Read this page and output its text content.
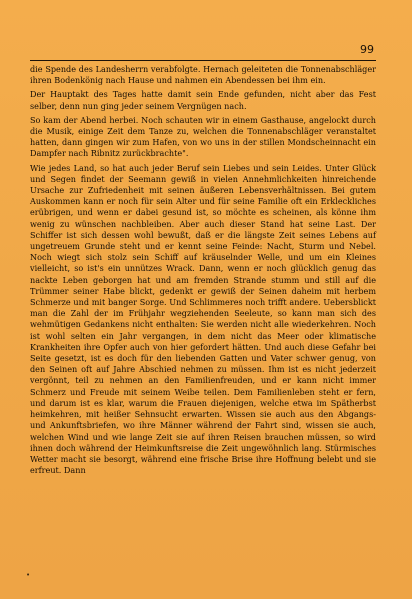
99

die Spende des Landesherrn verabfolgte. Hernach geleiteten die Tonnenabschläger ihren Bodenkönig nach Hause und nahmen ein Abendessen bei ihm ein.

Der Hauptakt des Tages hatte damit sein Ende gefunden, nicht aber das Fest selber, denn nun ging jeder seinem Vergnügen nach.

So kam der Abend herbei. Noch schauten wir in einem Gasthause, angelockt durch die Musik, einige Zeit dem Tanze zu, welchen die Tonnenabschläger veranstaltet hatten, dann gingen wir zum Hafen, von wo uns in der stillen Mondscheinnacht ein Dampfer nach Ribnitz zurückbrachte".

Wie jedes Land, so hat auch jeder Beruf sein Liebes und sein Leides. Unter Glück und Segen findet der Seemann gewiß in vielen Annehmlichkeiten hinreichende Ursache zur Zufriedenheit mit seinen äußeren Lebensverhältnissen. Bei gutem Auskommen kann er noch für sein Alter und für seine Familie oft ein Erkleckliches erübrigen, und wenn er dabei gesund ist, so möchte es scheinen, als könne ihm wenig zu wünschen nachbleiben. Aber auch dieser Stand hat seine Last. Der Schiffer ist sich dessen wohl bewußt, daß er die längste Zeit seines Lebens auf ungetreuem Grunde steht und er kennt seine Feinde: Nacht, Sturm und Nebel. Noch wiegt sich stolz sein Schiff auf kräuselnder Welle, und um ein Kleines vielleicht, so ist's ein unnützes Wrack. Dann, wenn er noch glücklich genug das nackte Leben geborgen hat und am fremden Strande stumm und still auf die Trümmer seiner Habe blickt, gedenkt er gewiß der Seinen daheim mit herbem Schmerze und mit banger Sorge. Und Schlimmeres noch trifft andere. Uebersblickt man die Zahl der im Frühjahr wegziehenden Seeleute, so kann man sich des wehmütigen Gedankens nicht enthalten: Sie werden nicht alle wiederkehren. Noch ist wohl selten ein Jahr vergangen, in dem nicht das Meer oder klimatische Krankheiten ihre Opfer auch von hier gefordert hätten. Und auch diese Gefahr bei Seite gesetzt, ist es doch für den liebenden Gatten und Vater schwer genug, von den Seinen oft auf Jahre Abschied nehmen zu müssen. Ihm ist es nicht jederzeit vergönnt, teil zu nehmen an den Familienfreuden, und er kann nicht immer Schmerz und Freude mit seinem Weibe teilen. Dem Familienleben steht er fern, und darum ist es klar, warum die Frauen diejenigen, welche etwa im Spätherbst heimkehren, mit heißer Sehnsucht erwarten. Wissen sie auch aus den Abgangs- und Ankunftsbriefen, wo ihre Männer während der Fahrt sind, wissen sie auch, welchen Wind und wie lange Zeit sie auf ihren Reisen brauchen müssen, so wird ihnen doch während der Heimkunftsreise die Zeit ungewöhnlich lang. Stürmisches Wetter macht sie besorgt, während eine frische Brise ihre Hoffnung belebt und sie erfreut. Dann

•
